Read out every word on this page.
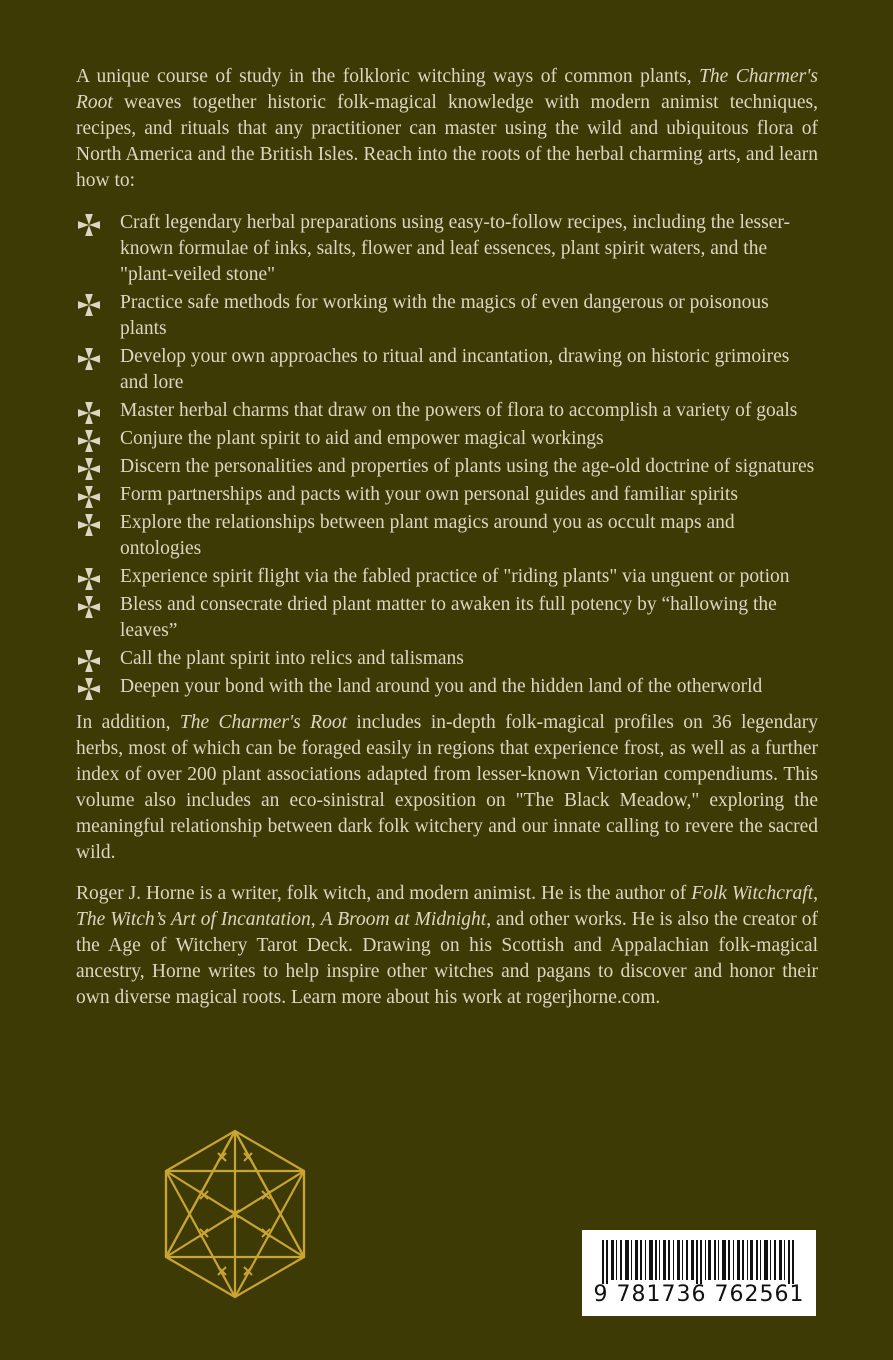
A unique course of study in the folkloric witching ways of common plants, The Charmer's Root weaves together historic folk-magical knowledge with modern animist techniques, recipes, and rituals that any practitioner can master using the wild and ubiquitous flora of North America and the British Isles. Reach into the roots of the herbal charming arts, and learn how to:

Craft legendary herbal preparations using easy-to-follow recipes, including the lesser-known formulae of inks, salts, flower and leaf essences, plant spirit waters, and the "plant-veiled stone"
Practice safe methods for working with the magics of even dangerous or poisonous plants
Develop your own approaches to ritual and incantation, drawing on historic grimoires and lore
Master herbal charms that draw on the powers of flora to accomplish a variety of goals
Conjure the plant spirit to aid and empower magical workings
Discern the personalities and properties of plants using the age-old doctrine of signatures
Form partnerships and pacts with your own personal guides and familiar spirits
Explore the relationships between plant magics around you as occult maps and ontologies
Experience spirit flight via the fabled practice of "riding plants" via unguent or potion
Bless and consecrate dried plant matter to awaken its full potency by “hallowing the leaves”
Call the plant spirit into relics and talismans
Deepen your bond with the land around you and the hidden land of the otherworld

In addition, The Charmer's Root includes in-depth folk-magical profiles on 36 legendary herbs, most of which can be foraged easily in regions that experience frost, as well as a further index of over 200 plant associations adapted from lesser-known Victorian compendiums. This volume also includes an eco-sinistral exposition on "The Black Meadow," exploring the meaningful relationship between dark folk witchery and our innate calling to revere the sacred wild.

Roger J. Horne is a writer, folk witch, and modern animist. He is the author of Folk Witchcraft, The Witch’s Art of Incantation, A Broom at Midnight, and other works. He is also the creator of the Age of Witchery Tarot Deck. Drawing on his Scottish and Appalachian folk-magical ancestry, Horne writes to help inspire other witches and pagans to discover and honor their own diverse magical roots. Learn more about his work at rogerjhorne.com.

9 781736 762561
